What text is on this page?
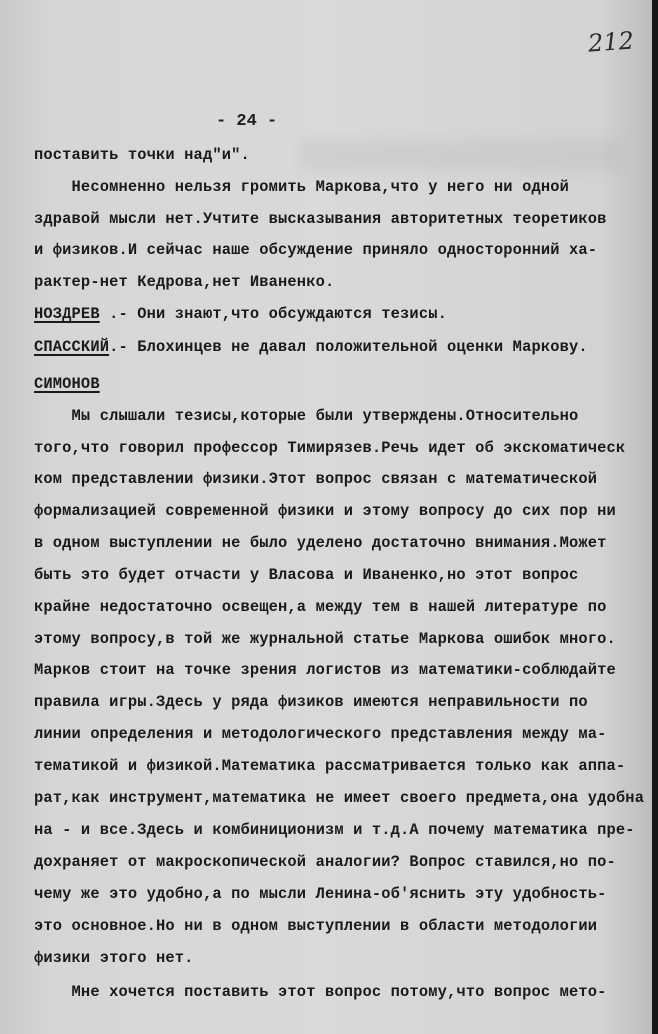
212
- 24 -
поставить точки над"и".
Несомненно нельзя громить Маркова,что у него ни одной
здравой мысли нет.Учтите высказывания авторитетных теоретиков
и физиков.И сейчас наше обсуждение приняло односторонний ха-
рактер-нет Кедрова,нет Иваненко.
НОЗДРЕВ .- Они знают,что обсуждаются тезисы.
СПАССКИЙ.- Блохинцев не давал положительной оценки Маркову.
СИМОНОВ
Мы слышали тезисы,которые были утверждены.Относительно
того,что говорил профессор Тимирязев.Речь идет об экскоматическ
ком представлении физики.Этот вопрос связан с математической
формализацией современной физики и этому вопросу до сих пор ни
в одном выступлении не было уделено достаточно внимания.Может
быть это будет отчасти у Власова и Иваненко,но этот вопрос
крайне недостаточно освещен,а между тем в нашей литературе по
этому вопросу,в той же журнальной статье Маркова ошибок много.
Марков стоит на точке зрения логистов из математики-соблюдайте
правила игры.Здесь у ряда физиков имеются неправильности по
линии определения и методологического представления между ма-
тематикой и физикой.Математика рассматривается только как аппа-
рат,как инструмент,математика не имеет своего предмета,она удобна
на - и все.Здесь и комбиниционизм и т.д.А почему математика пре-
дохраняет от макроскопической аналогии? Вопрос ставился,но по-
чему же это удобно,а по мысли Ленина-об'яснить эту удобность-
это основное.Но ни в одном выступлении в области методологии
физики этого нет.
Мне хочется поставить этот вопрос потому,что вопрос мето-
